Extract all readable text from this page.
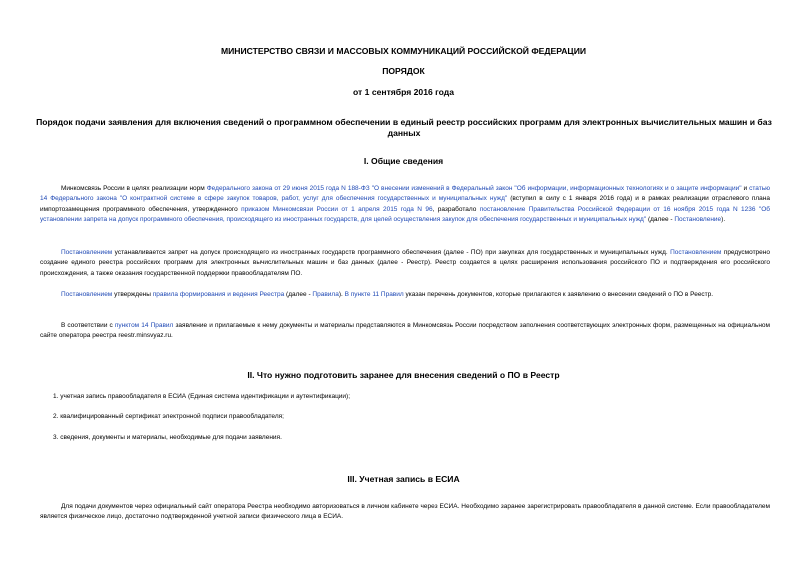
МИНИСТЕРСТВО СВЯЗИ И МАССОВЫХ КОММУНИКАЦИЙ РОССИЙСКОЙ ФЕДЕРАЦИИ
ПОРЯДОК
от 1 сентября 2016 года
Порядок подачи заявления для включения сведений о программном обеспечении в единый реестр российских программ для электронных вычислительных машин и баз данных
I. Общие сведения

Минкомсвязь России в целях реализации норм Федерального закона от 29 июня 2015 года N 188-ФЗ "О внесении изменений в Федеральный закон "Об информации, информационных технологиях и о защите информации" и статью 14 Федерального закона "О контрактной системе в сфере закупок товаров, работ, услуг для обеспечения государственных и муниципальных нужд" (вступил в силу с 1 января 2016 года) и в рамках реализации отраслевого плана импортозамещения программного обеспечения, утвержденного приказом Минкомсвязи России от 1 апреля 2015 года N 96, разработало постановление Правительства Российской Федерации от 16 ноября 2015 года N 1236 "Об установлении запрета на допуск программного обеспечения, происходящего из иностранных государств, для целей осуществления закупок для обеспечения государственных и муниципальных нужд" (далее - Постановление).

Постановлением устанавливается запрет на допуск происходящего из иностранных государств программного обеспечения (далее - ПО) при закупках для государственных и муниципальных нужд. Постановлением предусмотрено создание единого реестра российских программ для электронных вычислительных машин и баз данных (далее - Реестр). Реестр создается в целях расширения использования российского ПО и подтверждения его российского происхождения, а также оказания государственной поддержки правообладателям ПО.

Постановлением утверждены правила формирования и ведения Реестра (далее - Правила). В пункте 11 Правил указан перечень документов, которые прилагаются к заявлению о внесении сведений о ПО в Реестр.

В соответствии с пунктом 14 Правил заявление и прилагаемые к нему документы и материалы представляются в Минкомсвязь России посредством заполнения соответствующих электронных форм, размещенных на официальном сайте оператора реестра reestr.minsvyaz.ru.

II. Что нужно подготовить заранее для внесения сведений о ПО в Реестр

1. учетная запись правообладателя в ЕСИА (Единая система идентификации и аутентификации);

2. квалифицированный сертификат электронной подписи правообладателя;

3. сведения, документы и материалы, необходимые для подачи заявления.

III. Учетная запись в ЕСИА

Для подачи документов через официальный сайт оператора Реестра необходимо авторизоваться в личном кабинете через ЕСИА. Необходимо заранее зарегистрировать правообладателя в данной системе. Если правообладателем является физическое лицо, достаточно подтвержденной учетной записи физического лица в ЕСИА.
